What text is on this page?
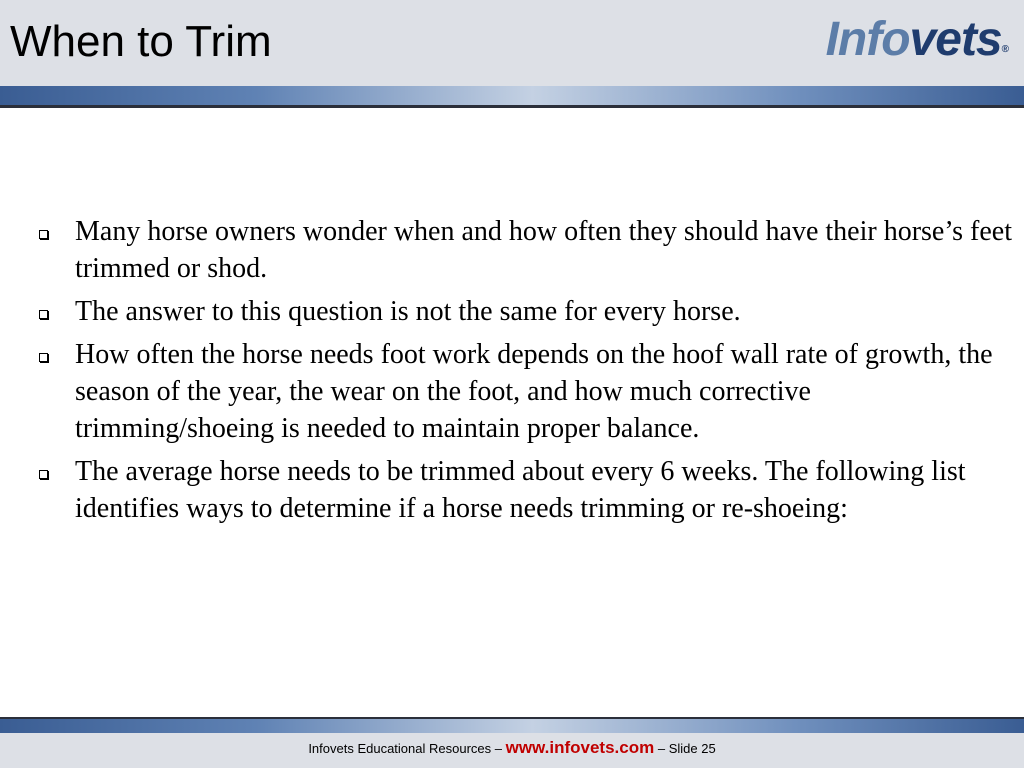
When to Trim	Infovets®
Many horse owners wonder when and how often they should have their horse’s feet trimmed or shod.
The answer to this question is not the same for every horse.
How often the horse needs foot work depends on the hoof wall rate of growth, the season of the year, the wear on the foot, and how much corrective trimming/shoeing is needed to maintain proper balance.
The average horse needs to be trimmed about every 6 weeks. The following list identifies ways to determine if a horse needs trimming or re-shoeing:
Infovets Educational Resources – www.infovets.com – Slide 25
